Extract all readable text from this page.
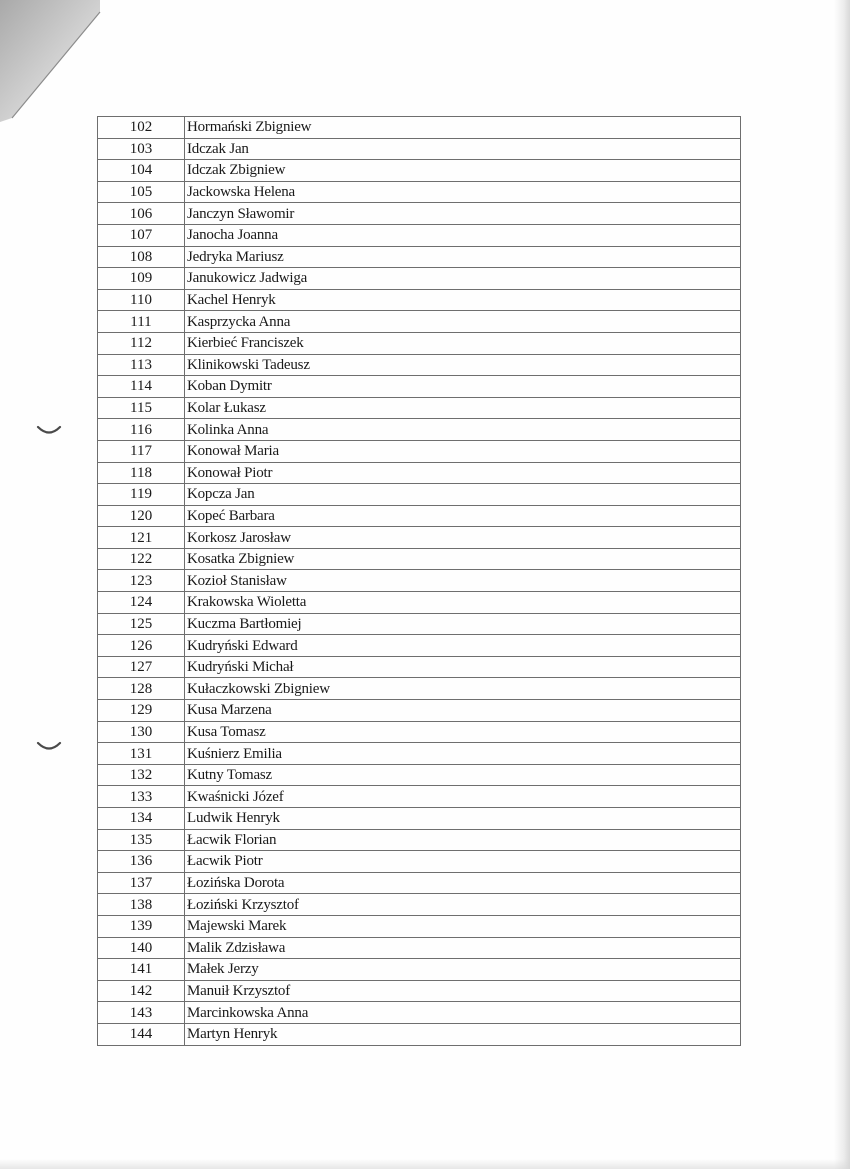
102	Hormański Zbigniew
103	Idczak Jan
104	Idczak Zbigniew
105	Jackowska Helena
106	Janczyn Sławomir
107	Janocha Joanna
108	Jedryka Mariusz
109	Janukowicz Jadwiga
110	Kachel Henryk
111	Kasprzycka Anna
112	Kierbieć Franciszek
113	Klinikowski Tadeusz
114	Koban Dymitr
115	Kolar Łukasz
116	Kolinka Anna
117	Konował Maria
118	Konował Piotr
119	Kopcza Jan
120	Kopeć Barbara
121	Korkosz Jarosław
122	Kosatka Zbigniew
123	Kozioł Stanisław
124	Krakowska Wioletta
125	Kuczma Bartłomiej
126	Kudryński Edward
127	Kudryński Michał
128	Kułaczkowski Zbigniew
129	Kusa Marzena
130	Kusa Tomasz
131	Kuśnierz Emilia
132	Kutny Tomasz
133	Kwaśnicki Józef
134	Ludwik Henryk
135	Łacwik Florian
136	Łacwik Piotr
137	Łozińska Dorota
138	Łoziński Krzysztof
139	Majewski Marek
140	Malik Zdzisława
141	Małek Jerzy
142	Manuił Krzysztof
143	Marcinkowska Anna
144	Martyn Henryk
